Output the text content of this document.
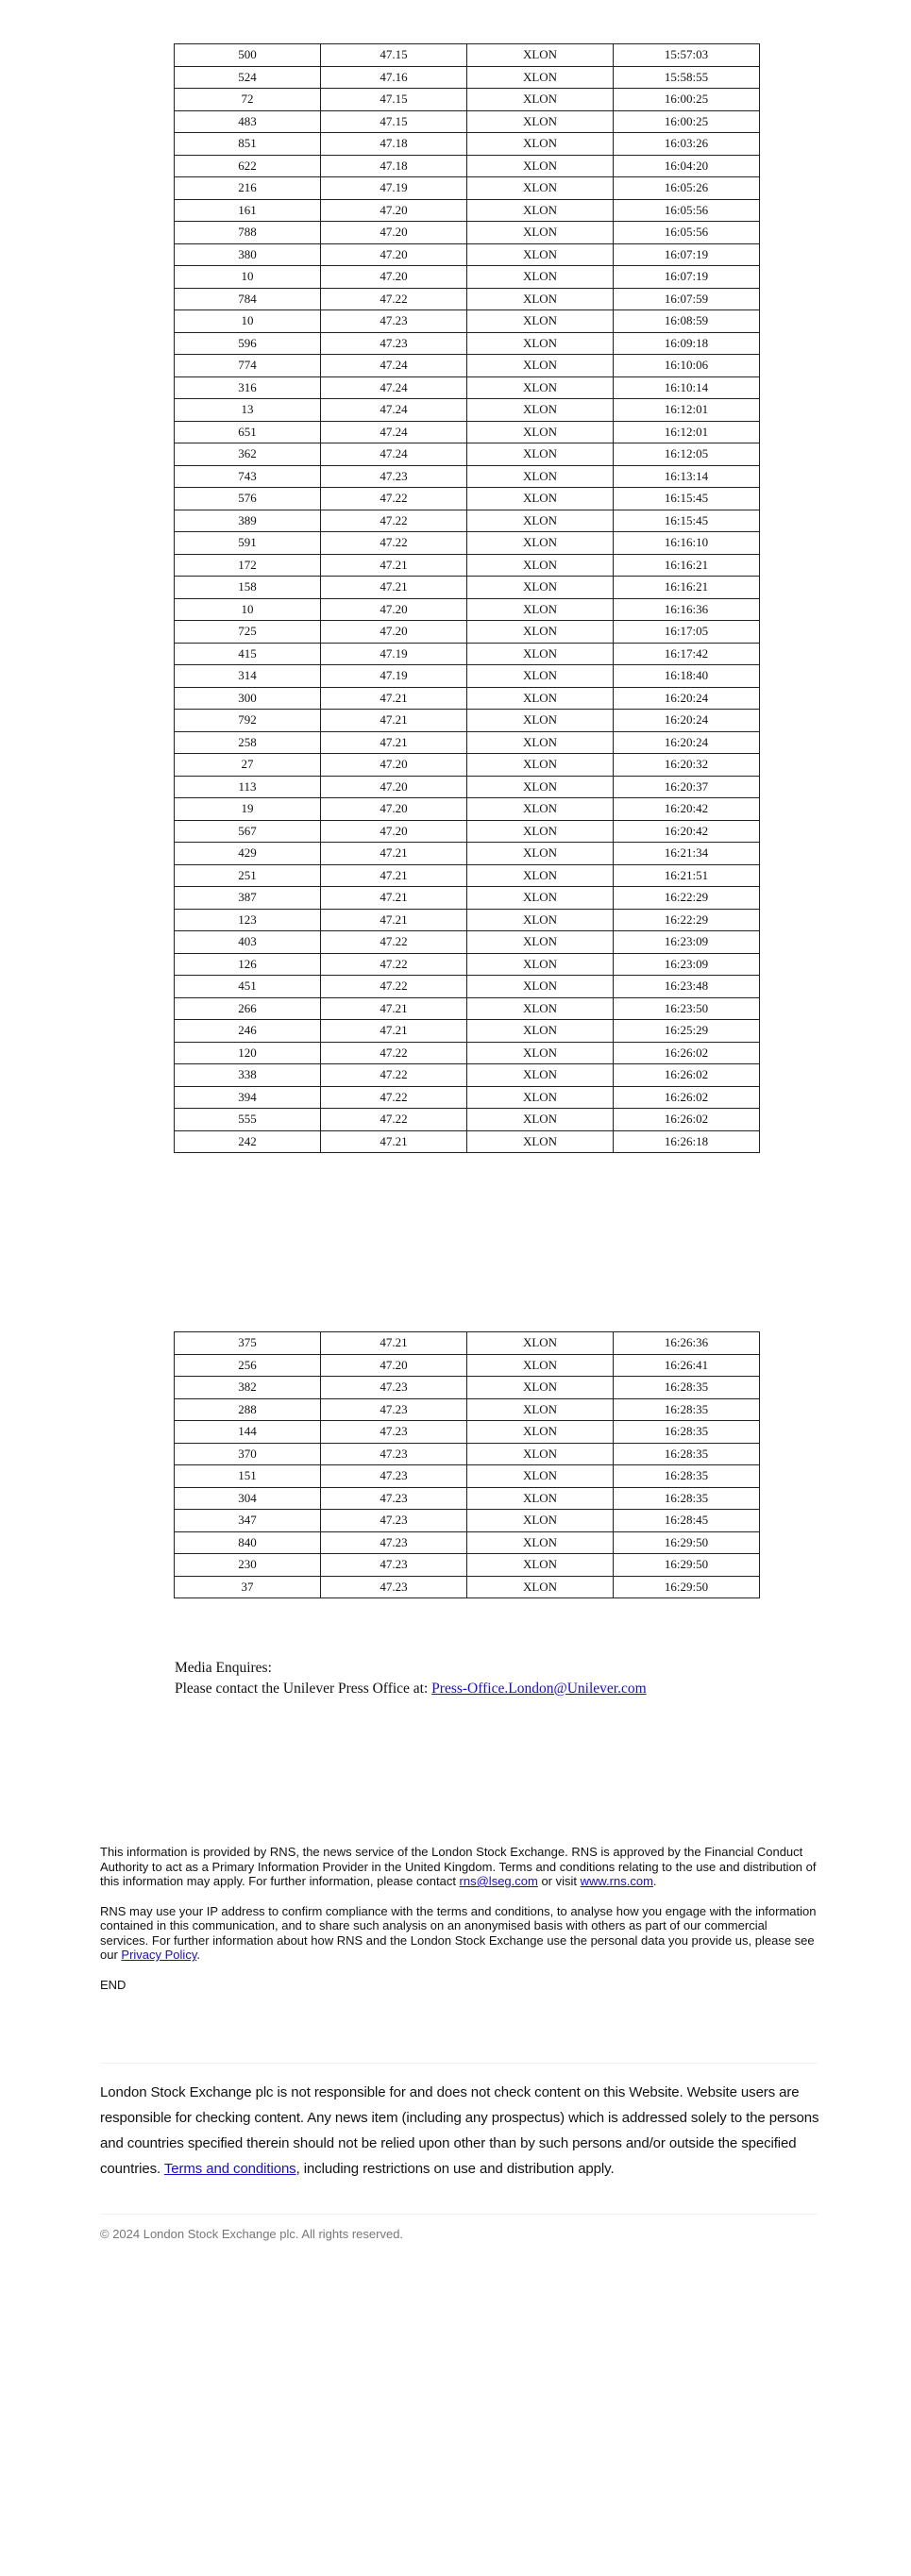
500	47.15	XLON	15:57:03
524	47.16	XLON	15:58:55
72	47.15	XLON	16:00:25
483	47.15	XLON	16:00:25
851	47.18	XLON	16:03:26
622	47.18	XLON	16:04:20
216	47.19	XLON	16:05:26
161	47.20	XLON	16:05:56
788	47.20	XLON	16:05:56
380	47.20	XLON	16:07:19
10	47.20	XLON	16:07:19
784	47.22	XLON	16:07:59
10	47.23	XLON	16:08:59
596	47.23	XLON	16:09:18
774	47.24	XLON	16:10:06
316	47.24	XLON	16:10:14
13	47.24	XLON	16:12:01
651	47.24	XLON	16:12:01
362	47.24	XLON	16:12:05
743	47.23	XLON	16:13:14
576	47.22	XLON	16:15:45
389	47.22	XLON	16:15:45
591	47.22	XLON	16:16:10
172	47.21	XLON	16:16:21
158	47.21	XLON	16:16:21
10	47.20	XLON	16:16:36
725	47.20	XLON	16:17:05
415	47.19	XLON	16:17:42
314	47.19	XLON	16:18:40
300	47.21	XLON	16:20:24
792	47.21	XLON	16:20:24
258	47.21	XLON	16:20:24
27	47.20	XLON	16:20:32
113	47.20	XLON	16:20:37
19	47.20	XLON	16:20:42
567	47.20	XLON	16:20:42
429	47.21	XLON	16:21:34
251	47.21	XLON	16:21:51
387	47.21	XLON	16:22:29
123	47.21	XLON	16:22:29
403	47.22	XLON	16:23:09
126	47.22	XLON	16:23:09
451	47.22	XLON	16:23:48
266	47.21	XLON	16:23:50
246	47.21	XLON	16:25:29
120	47.22	XLON	16:26:02
338	47.22	XLON	16:26:02
394	47.22	XLON	16:26:02
555	47.22	XLON	16:26:02
242	47.21	XLON	16:26:18
375	47.21	XLON	16:26:36
256	47.20	XLON	16:26:41
382	47.23	XLON	16:28:35
288	47.23	XLON	16:28:35
144	47.23	XLON	16:28:35
370	47.23	XLON	16:28:35
151	47.23	XLON	16:28:35
304	47.23	XLON	16:28:35
347	47.23	XLON	16:28:45
840	47.23	XLON	16:29:50
230	47.23	XLON	16:29:50
37	47.23	XLON	16:29:50
Media Enquires:
Please contact the Unilever Press Office at: Press-Office.London@Unilever.com

This information is provided by RNS, the news service of the London Stock Exchange. RNS is approved by the Financial Conduct Authority to act as a Primary Information Provider in the United Kingdom. Terms and conditions relating to the use and distribution of this information may apply. For further information, please contact rns@lseg.com or visit www.rns.com.

RNS may use your IP address to confirm compliance with the terms and conditions, to analyse how you engage with the information contained in this communication, and to share such analysis on an anonymised basis with others as part of our commercial services. For further information about how RNS and the London Stock Exchange use the personal data you provide us, please see our Privacy Policy.

END

London Stock Exchange plc is not responsible for and does not check content on this Website. Website users are responsible for checking content. Any news item (including any prospectus) which is addressed solely to the persons and countries specified therein should not be relied upon other than by such persons and/or outside the specified countries. Terms and conditions, including restrictions on use and distribution apply.
© 2024 London Stock Exchange plc. All rights reserved.
